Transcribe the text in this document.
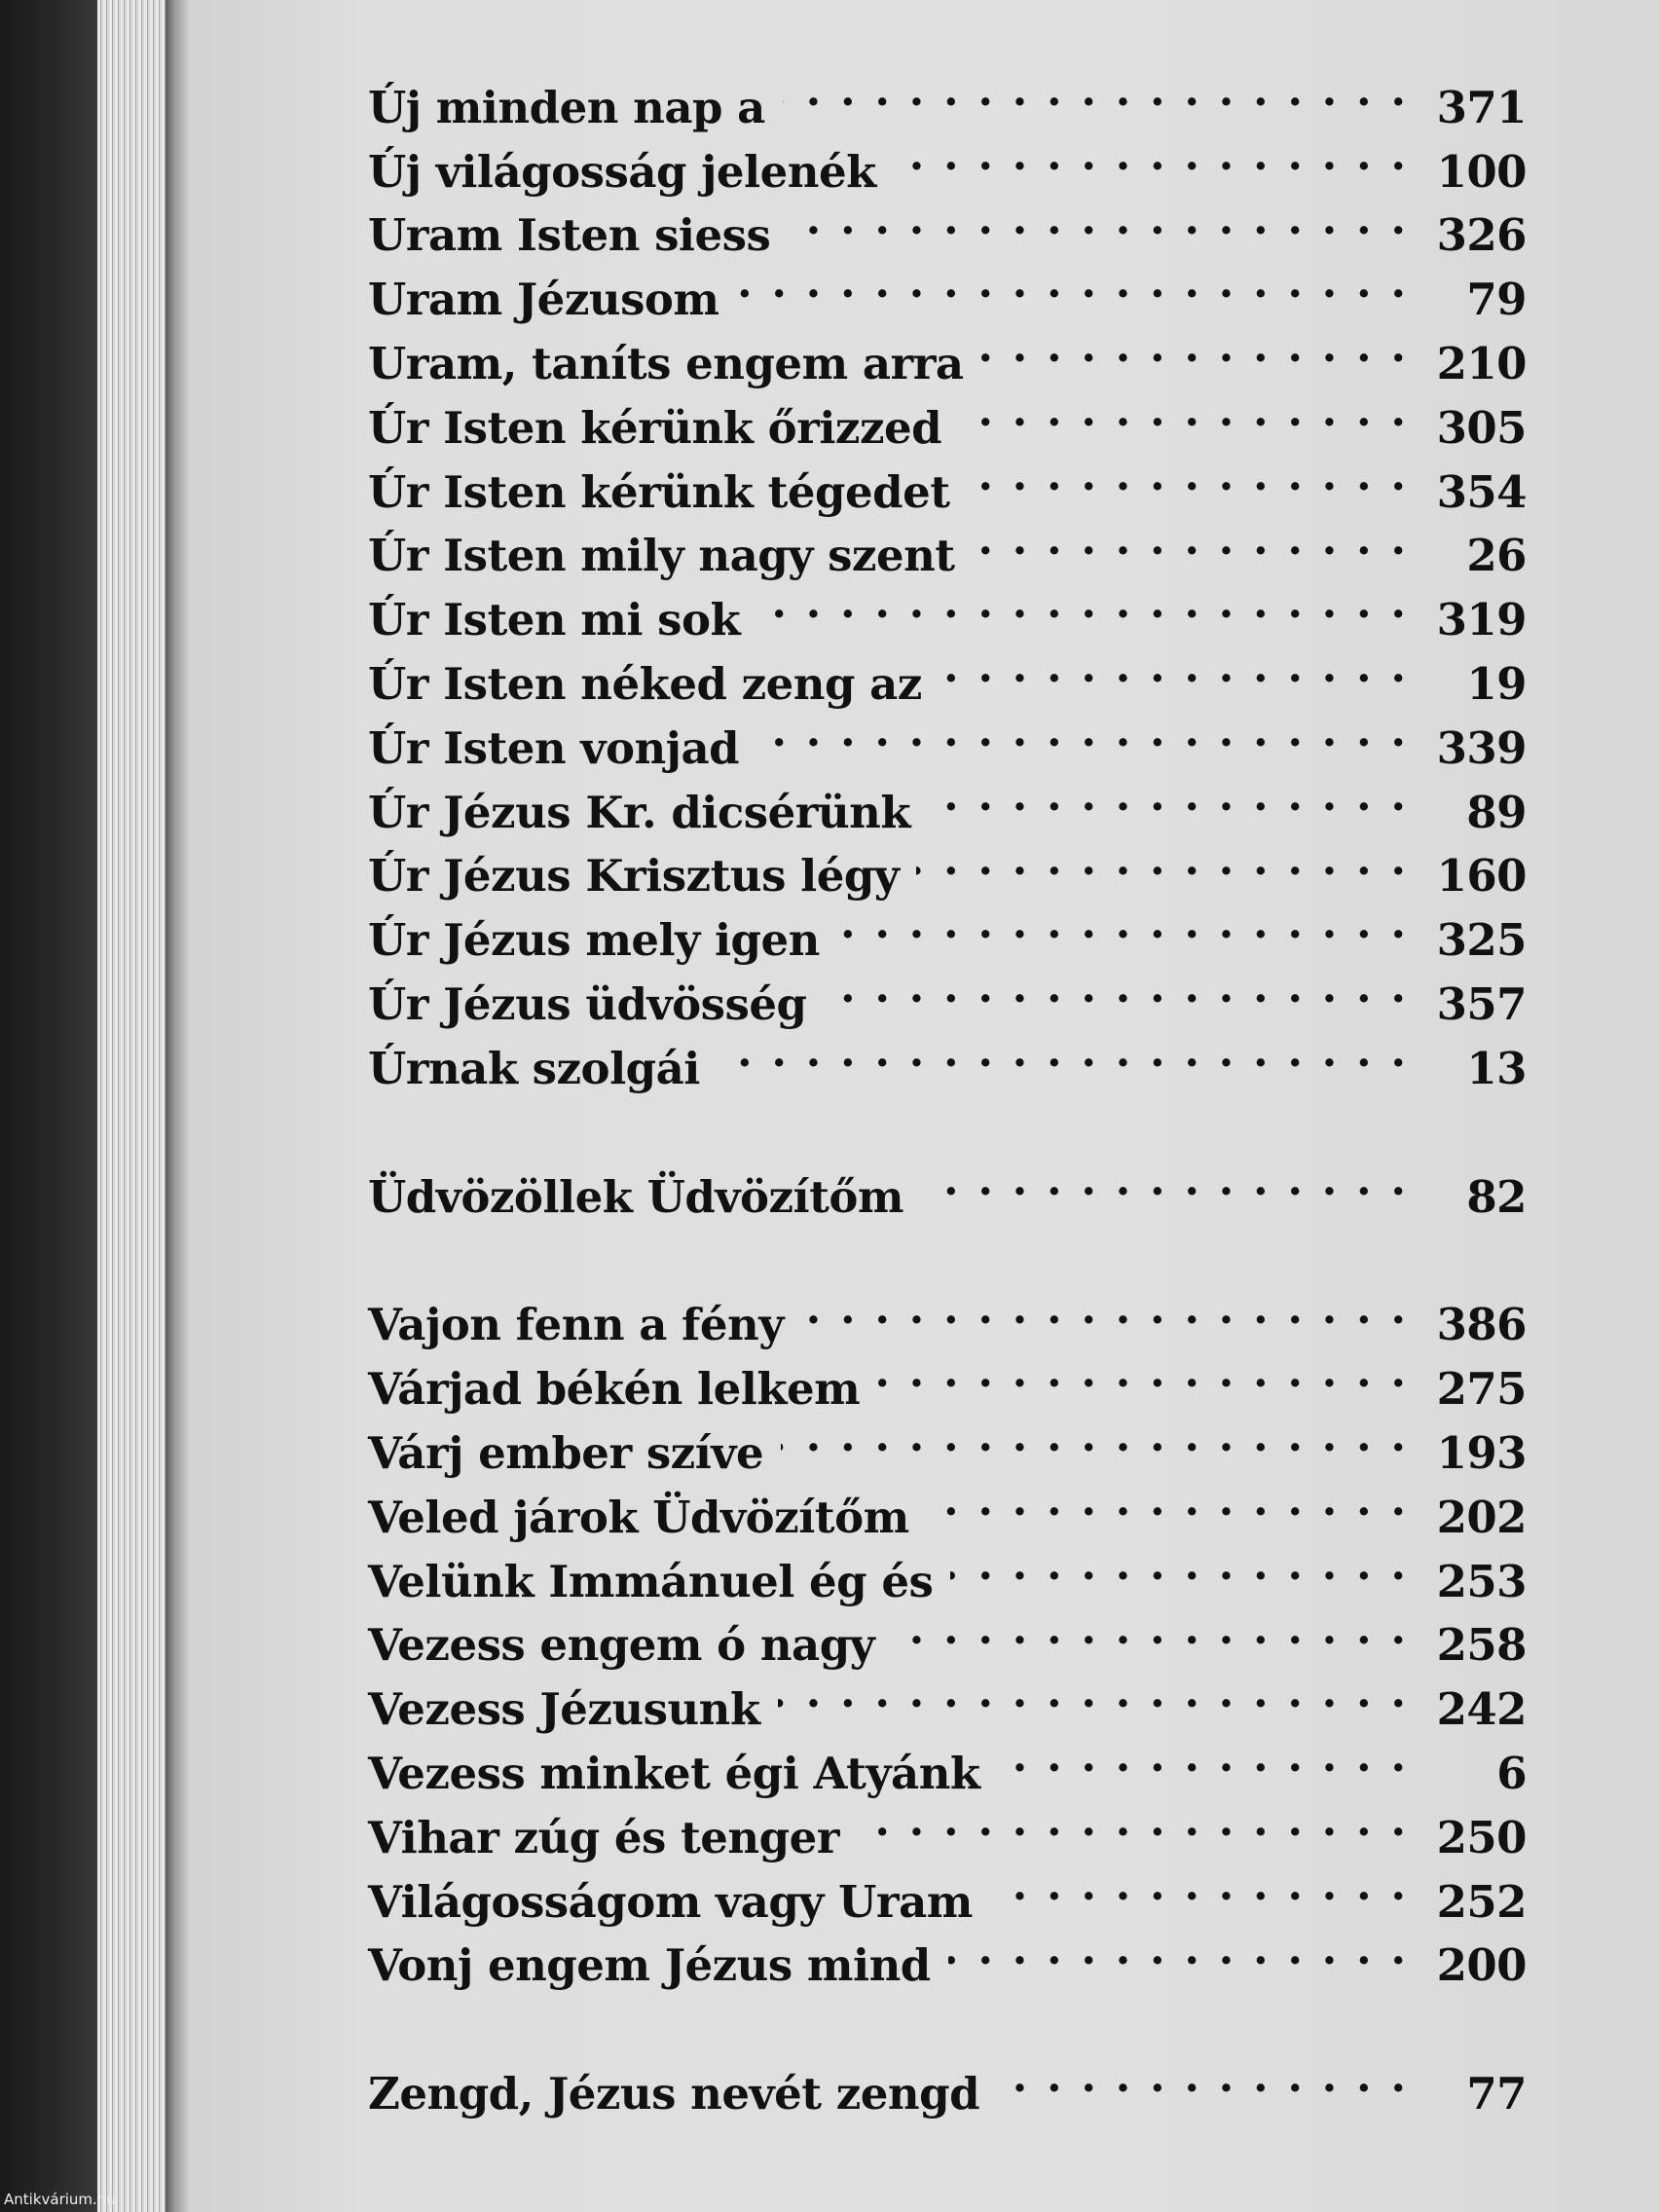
Új minden nap a . . .	371
Új világosság jelenék . . .	100
Uram Isten siess . . .	326
Uram Jézusom . . .	79
Uram, taníts engem arra . . .	210
Úr Isten kérünk őrizzed . . .	305
Úr Isten kérünk tégedet . . .	354
Úr Isten mily nagy szent . . .	26
Úr Isten mi sok . . .	319
Úr Isten néked zeng az . . .	19
Úr Isten vonjad . . .	339
Úr Jézus Kr. dicsérünk . . .	89
Úr Jézus Krisztus légy . . .	160
Úr Jézus mely igen . . .	325
Úr Jézus üdvösség . . .	357
Úrnak szolgái . . .	13
Üdvözöllek Üdvözítőm . . .	82
Vajon fenn a fény . . .	386
Várjad békén lelkem . . .	275
Várj ember szíve . . .	193
Veled járok Üdvözítőm . . .	202
Velünk Immánuel ég és . . .	253
Vezess engem ó nagy . . .	258
Vezess Jézusunk . . .	242
Vezess minket égi Atyánk . . .	6
Vihar zúg és tenger . . .	250
Világosságom vagy Uram . . .	252
Vonj engem Jézus mind . . .	200
Zengd, Jézus nevét zengd . . .	77
Antikvárium.hu
